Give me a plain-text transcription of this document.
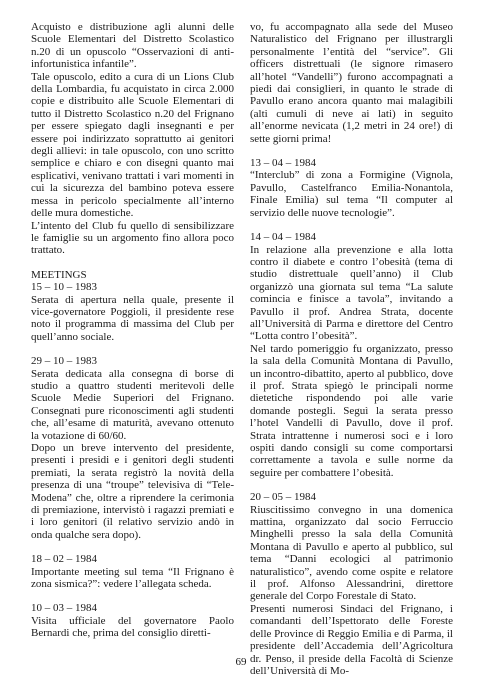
Acquisto e distribuzione agli alunni delle Scuole Elementari del Distretto Scolastico n.20 di un opuscolo “Osservazioni di anti-infortunistica infantile”.

Tale opuscolo, edito a cura di un Lions Club della Lombardia, fu acquistato in circa 2.000 copie e distribuito alle Scuole Elementari di tutto il Distretto Scolastico n.20 del Frignano per essere spiegato dagli insegnanti e per essere poi indirizzato soprattutto ai genitori degli allievi: in tale opuscolo, con uno scritto semplice e chiaro e con disegni quanto mai esplicativi, venivano trattati i vari momenti in cui la sicurezza del bambino poteva essere messa in pericolo specialmente all’interno delle mura domestiche.

L’intento del Club fu quello di sensibilizzare le famiglie su un argomento fino allora poco trattato.

MEETINGS

15 – 10 – 1983

Serata di apertura nella quale, presente il vice-governatore Poggioli, il presidente rese noto il programma di massima del Club per quell’anno sociale.

29 – 10 – 1983

Serata dedicata alla consegna di borse di studio a quattro studenti meritevoli delle Scuole Medie Superiori del Frignano. Consegnati pure riconoscimenti agli studenti che, all’esame di maturità, avevano ottenuto la votazione di 60/60.

Dopo un breve intervento del presidente, presenti i presidi e i genitori degli studenti premiati, la serata registrò la novità della presenza di una “troupe” televisiva di “Tele-Modena” che, oltre a riprendere la cerimonia di premiazione, intervistò i ragazzi premiati e i loro genitori (il relativo servizio andò in onda qualche sera dopo).

18 – 02 – 1984

Importante meeting sul tema “Il Frignano è zona sismica?”: vedere l’allegata scheda.

10 – 03 – 1984

Visita ufficiale del governatore Paolo Bernardi che, prima del consiglio diretti-

vo, fu accompagnato alla sede del Museo Naturalistico del Frignano per illustrargli personalmente l’entità del “service”. Gli officers distrettuali (le signore rimasero all’hotel “Vandelli”) furono accompagnati a piedi dai consiglieri, in quanto le strade di Pavullo erano ancora quanto mai malagibili (alti cumuli di neve ai lati) in seguito all’enorme nevicata (1,2 metri in 24 ore!) di sette giorni prima!

13 – 04 – 1984

“Interclub” di zona a Formigine (Vignola, Pavullo, Castelfranco Emilia-Nonantola, Finale Emilia) sul tema “Il computer al servizio delle nuove tecnologie”.

14 – 04 – 1984

In relazione alla prevenzione e alla lotta contro il diabete e contro l’obesità (tema di studio distrettuale quell’anno) il Club organizzò una giornata sul tema “La salute comincia e finisce a tavola”, invitando a Pavullo il prof. Andrea Strata, docente all’Università di Parma e direttore del Centro “Lotta contro l’obesità”.

Nel tardo pomeriggio fu organizzato, presso la sala della Comunità Montana di Pavullo, un incontro-dibattito, aperto al pubblico, dove il prof. Strata spiegò le principali norme dietetiche rispondendo poi alle varie domande postegli. Seguì la serata presso l’hotel Vandelli di Pavullo, dove il prof. Strata intrattenne i numerosi soci e i loro ospiti dando consigli su come comportarsi correttamente a tavola e sulle norme da seguire per combattere l’obesità.

20 – 05 – 1984

Riuscitissimo convegno in una domenica mattina, organizzato dal socio Ferruccio Minghelli presso la sala della Comunità Montana di Pavullo e aperto al pubblico, sul tema “Danni ecologici al patrimonio naturalistico”, avendo come ospite e relatore il prof. Alfonso Alessandrini, direttore generale del Corpo Forestale di Stato.

Presenti numerosi Sindaci del Frignano, i comandanti dell’Ispettorato delle Foreste delle Province di Reggio Emilia e di Parma, il presidente dell’Accademia dell’Agricoltura dr. Penso, il preside della Facoltà di Scienze dell’Università di Mo-

69
